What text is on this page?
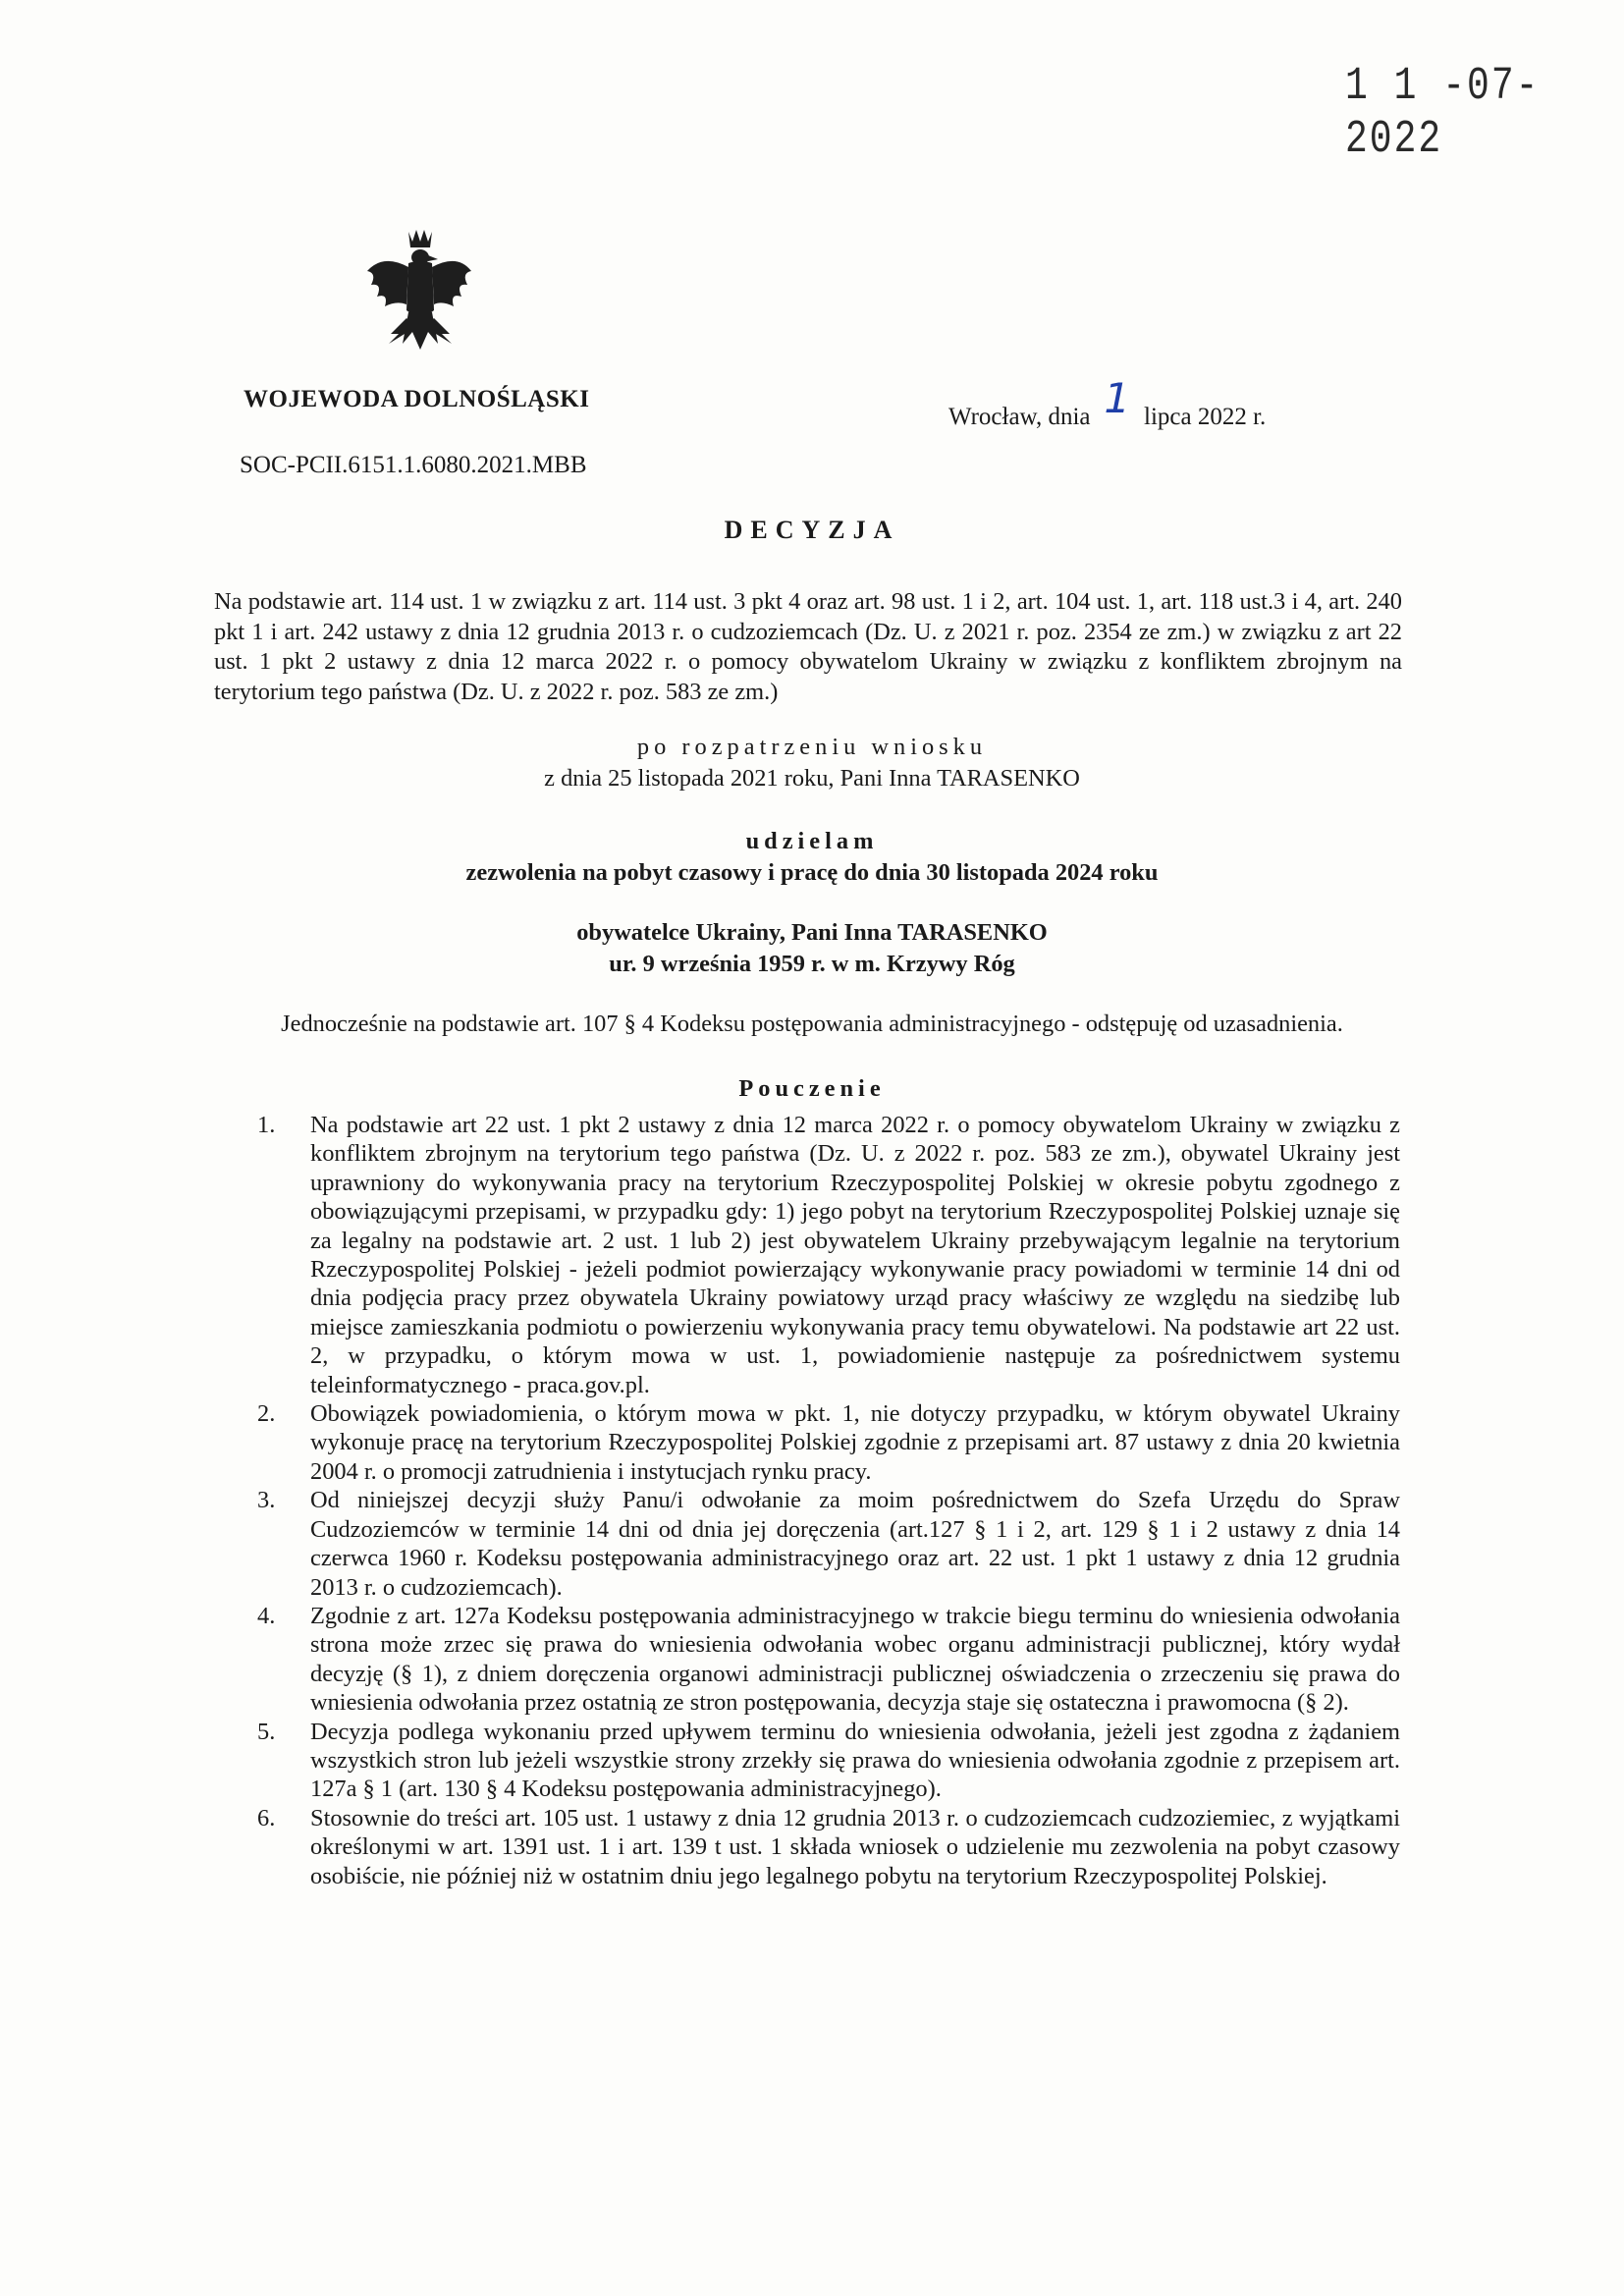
1 1 -07- 2022
WOJEWODA DOLNOŚLĄSKI
Wrocław, dnia 1 lipca 2022 r.
SOC-PCII.6151.1.6080.2021.MBB
DECYZJA
Na podstawie art. 114 ust. 1 w związku z art. 114 ust. 3 pkt 4 oraz art. 98 ust. 1 i 2, art. 104 ust. 1, art. 118 ust.3 i 4, art. 240 pkt 1 i art. 242 ustawy z dnia 12 grudnia 2013 r. o cudzoziemcach (Dz. U. z 2021 r. poz. 2354 ze zm.) w związku z art 22 ust. 1 pkt 2 ustawy z dnia 12 marca 2022 r. o pomocy obywatelom Ukrainy w związku z konfliktem zbrojnym na terytorium tego państwa (Dz. U. z 2022 r. poz. 583 ze zm.)
po rozpatrzeniu wniosku
z dnia 25 listopada 2021 roku, Pani Inna TARASENKO
udzielam
zezwolenia na pobyt czasowy i pracę do dnia 30 listopada 2024 roku
obywatelce Ukrainy, Pani Inna TARASENKO
ur. 9 września 1959 r. w m. Krzywy Róg
Jednocześnie na podstawie art. 107 § 4 Kodeksu postępowania administracyjnego - odstępuję od uzasadnienia.
Pouczenie
1.	Na podstawie art 22 ust. 1 pkt 2 ustawy z dnia 12 marca 2022 r. o pomocy obywatelom Ukrainy w związku z konfliktem zbrojnym na terytorium tego państwa (Dz. U. z 2022 r. poz. 583 ze zm.), obywatel Ukrainy jest uprawniony do wykonywania pracy na terytorium Rzeczypospolitej Polskiej w okresie pobytu zgodnego z obowiązującymi przepisami, w przypadku gdy: 1) jego pobyt na terytorium Rzeczypospolitej Polskiej uznaje się za legalny na podstawie art. 2 ust. 1 lub 2) jest obywatelem Ukrainy przebywającym legalnie na terytorium Rzeczypospolitej Polskiej - jeżeli podmiot powierzający wykonywanie pracy powiadomi w terminie 14 dni od dnia podjęcia pracy przez obywatela Ukrainy powiatowy urząd pracy właściwy ze względu na siedzibę lub miejsce zamieszkania podmiotu o powierzeniu wykonywania pracy temu obywatelowi. Na podstawie art 22 ust. 2, w przypadku, o którym mowa w ust. 1, powiadomienie następuje za pośrednictwem systemu teleinformatycznego - praca.gov.pl.
2.	Obowiązek powiadomienia, o którym mowa w pkt. 1, nie dotyczy przypadku, w którym obywatel Ukrainy wykonuje pracę na terytorium Rzeczypospolitej Polskiej zgodnie z przepisami art. 87 ustawy z dnia 20 kwietnia 2004 r. o promocji zatrudnienia i instytucjach rynku pracy.
3.	Od niniejszej decyzji służy Panu/i odwołanie za moim pośrednictwem do Szefa Urzędu do Spraw Cudzoziemców w terminie 14 dni od dnia jej doręczenia (art.127 § 1 i 2, art. 129 § 1 i 2 ustawy z dnia 14 czerwca 1960 r. Kodeksu postępowania administracyjnego oraz art. 22 ust. 1 pkt 1 ustawy z dnia 12 grudnia 2013 r. o cudzoziemcach).
4.	Zgodnie z art. 127a Kodeksu postępowania administracyjnego w trakcie biegu terminu do wniesienia odwołania strona może zrzec się prawa do wniesienia odwołania wobec organu administracji publicznej, który wydał decyzję (§ 1), z dniem doręczenia organowi administracji publicznej oświadczenia o zrzeczeniu się prawa do wniesienia odwołania przez ostatnią ze stron postępowania, decyzja staje się ostateczna i prawomocna (§ 2).
5.	Decyzja podlega wykonaniu przed upływem terminu do wniesienia odwołania, jeżeli jest zgodna z żądaniem wszystkich stron lub jeżeli wszystkie strony zrzekły się prawa do wniesienia odwołania zgodnie z przepisem art. 127a § 1 (art. 130 § 4 Kodeksu postępowania administracyjnego).
6.	Stosownie do treści art. 105 ust. 1 ustawy z dnia 12 grudnia 2013 r. o cudzoziemcach cudzoziemiec, z wyjątkami określonymi w art. 1391 ust. 1 i art. 139 t ust. 1 składa wniosek o udzielenie mu zezwolenia na pobyt czasowy osobiście, nie później niż w ostatnim dniu jego legalnego pobytu na terytorium Rzeczypospolitej Polskiej.
